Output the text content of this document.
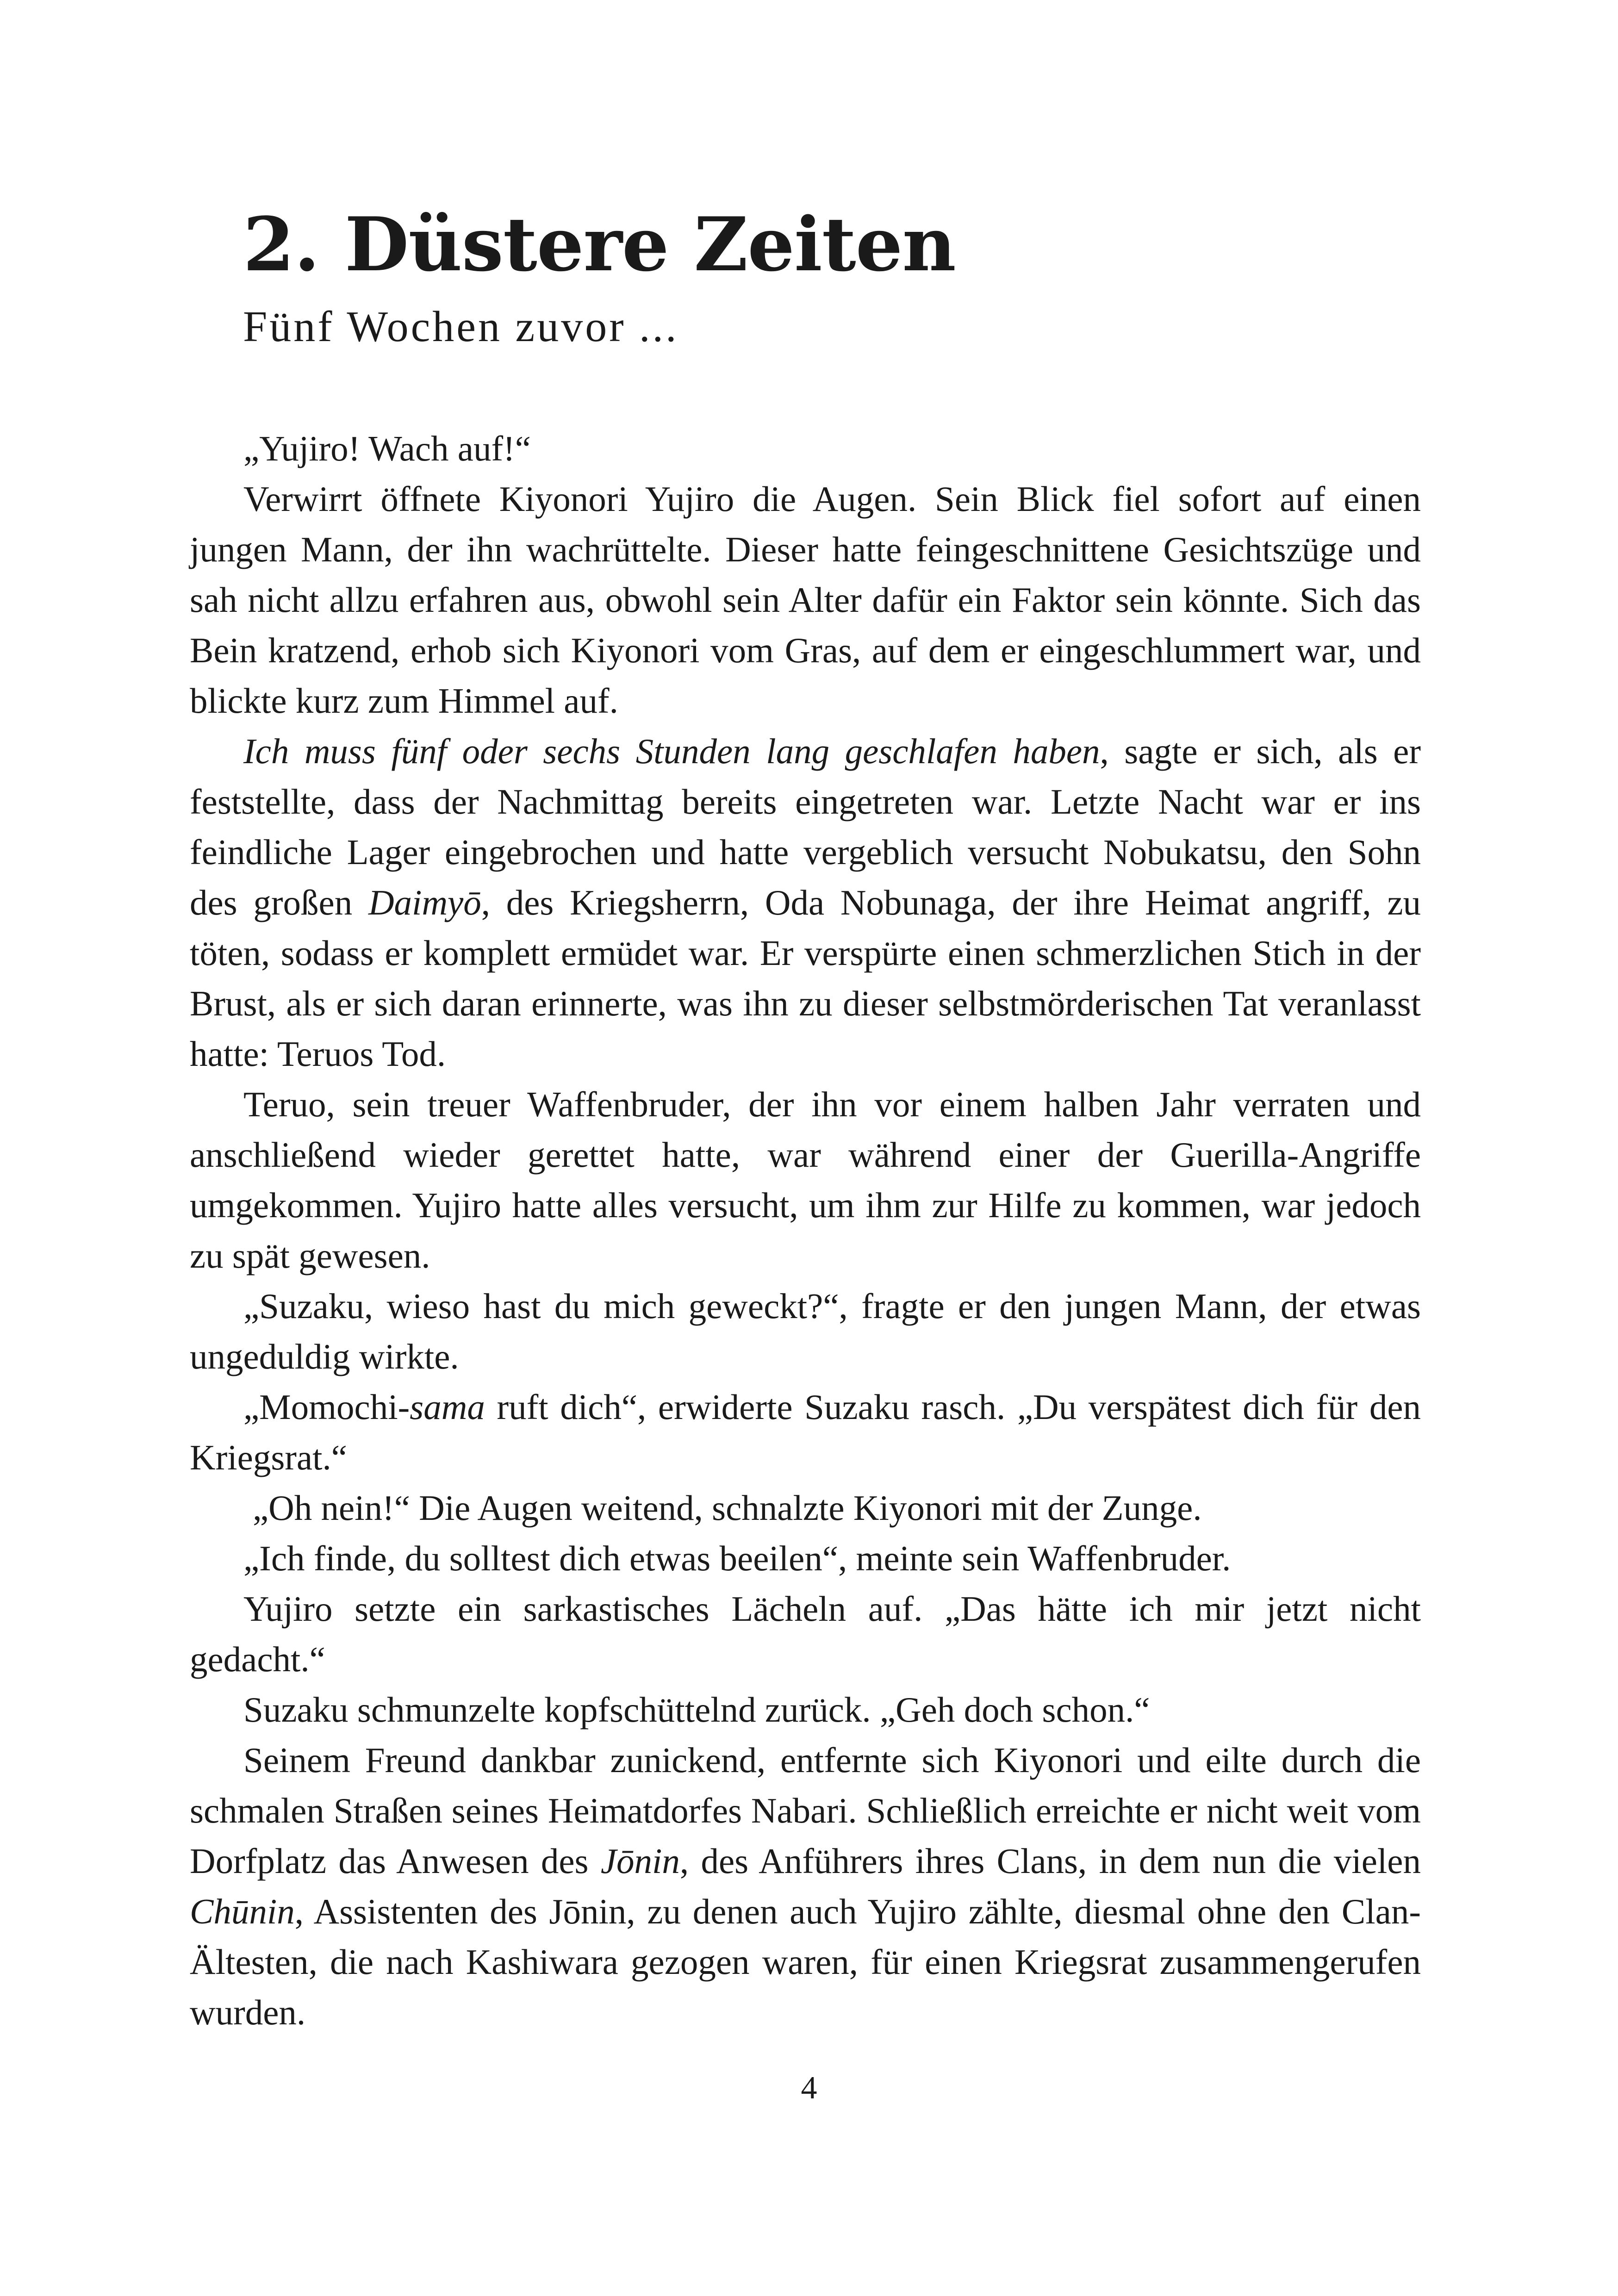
2. Düstere Zeiten
Fünf Wochen zuvor ...

„Yujiro! Wach auf!“

Verwirrt öffnete Kiyonori Yujiro die Augen. Sein Blick fiel sofort auf einen jungen Mann, der ihn wachrüttelte. Dieser hatte feingeschnittene Gesichtszüge und sah nicht allzu erfahren aus, obwohl sein Alter dafür ein Faktor sein könnte. Sich das Bein kratzend, erhob sich Kiyonori vom Gras, auf dem er eingeschlummert war, und blickte kurz zum Himmel auf.

Ich muss fünf oder sechs Stunden lang geschlafen haben, sagte er sich, als er feststellte, dass der Nachmittag bereits eingetreten war. Letzte Nacht war er ins feindliche Lager eingebrochen und hatte vergeblich versucht Nobukatsu, den Sohn des großen Daimyō, des Kriegsherrn, Oda Nobunaga, der ihre Heimat angriff, zu töten, sodass er komplett ermüdet war. Er verspürte einen schmerzlichen Stich in der Brust, als er sich daran erinnerte, was ihn zu dieser selbstmörderischen Tat veranlasst hatte: Teruos Tod.

Teruo, sein treuer Waffenbruder, der ihn vor einem halben Jahr verraten und anschließend wieder gerettet hatte, war während einer der Guerilla-Angriffe umgekommen. Yujiro hatte alles versucht, um ihm zur Hilfe zu kommen, war jedoch zu spät gewesen.

„Suzaku, wieso hast du mich geweckt?“, fragte er den jungen Mann, der etwas ungeduldig wirkte.

„Momochi-sama ruft dich“, erwiderte Suzaku rasch. „Du verspätest dich für den Kriegsrat.“

„Oh nein!“ Die Augen weitend, schnalzte Kiyonori mit der Zunge.

„Ich finde, du solltest dich etwas beeilen“, meinte sein Waffenbruder.

Yujiro setzte ein sarkastisches Lächeln auf. „Das hätte ich mir jetzt nicht gedacht.“

Suzaku schmunzelte kopfschüttelnd zurück. „Geh doch schon.“

Seinem Freund dankbar zunickend, entfernte sich Kiyonori und eilte durch die schmalen Straßen seines Heimatdorfes Nabari. Schließlich erreichte er nicht weit vom Dorfplatz das Anwesen des Jōnin, des Anführers ihres Clans, in dem nun die vielen Chūnin, Assistenten des Jōnin, zu denen auch Yujiro zählte, diesmal ohne den Clan-Ältesten, die nach Kashiwara gezogen waren, für einen Kriegsrat zusammengerufen wurden.

4
